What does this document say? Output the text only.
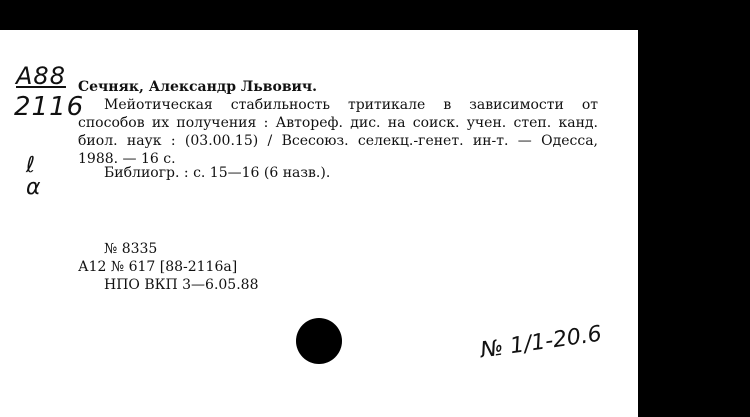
А88
2116
ℓ
α
Сечняк, Александр Львович.
Мейотическая стабильность тритикале в зависимости от способов их получения : Автореф. дис. на соиск. учен. степ. канд. биол. наук : (03.00.15) / Всесоюз. селекц.-генет. ин-т. — Одесса, 1988. — 16 с.
Библиогр. : с. 15—16 (6 назв.).
№ 8335
А12 № 617 [88-2116а]
НПО ВКП 3—6.05.88
№ 1/1-20.6
